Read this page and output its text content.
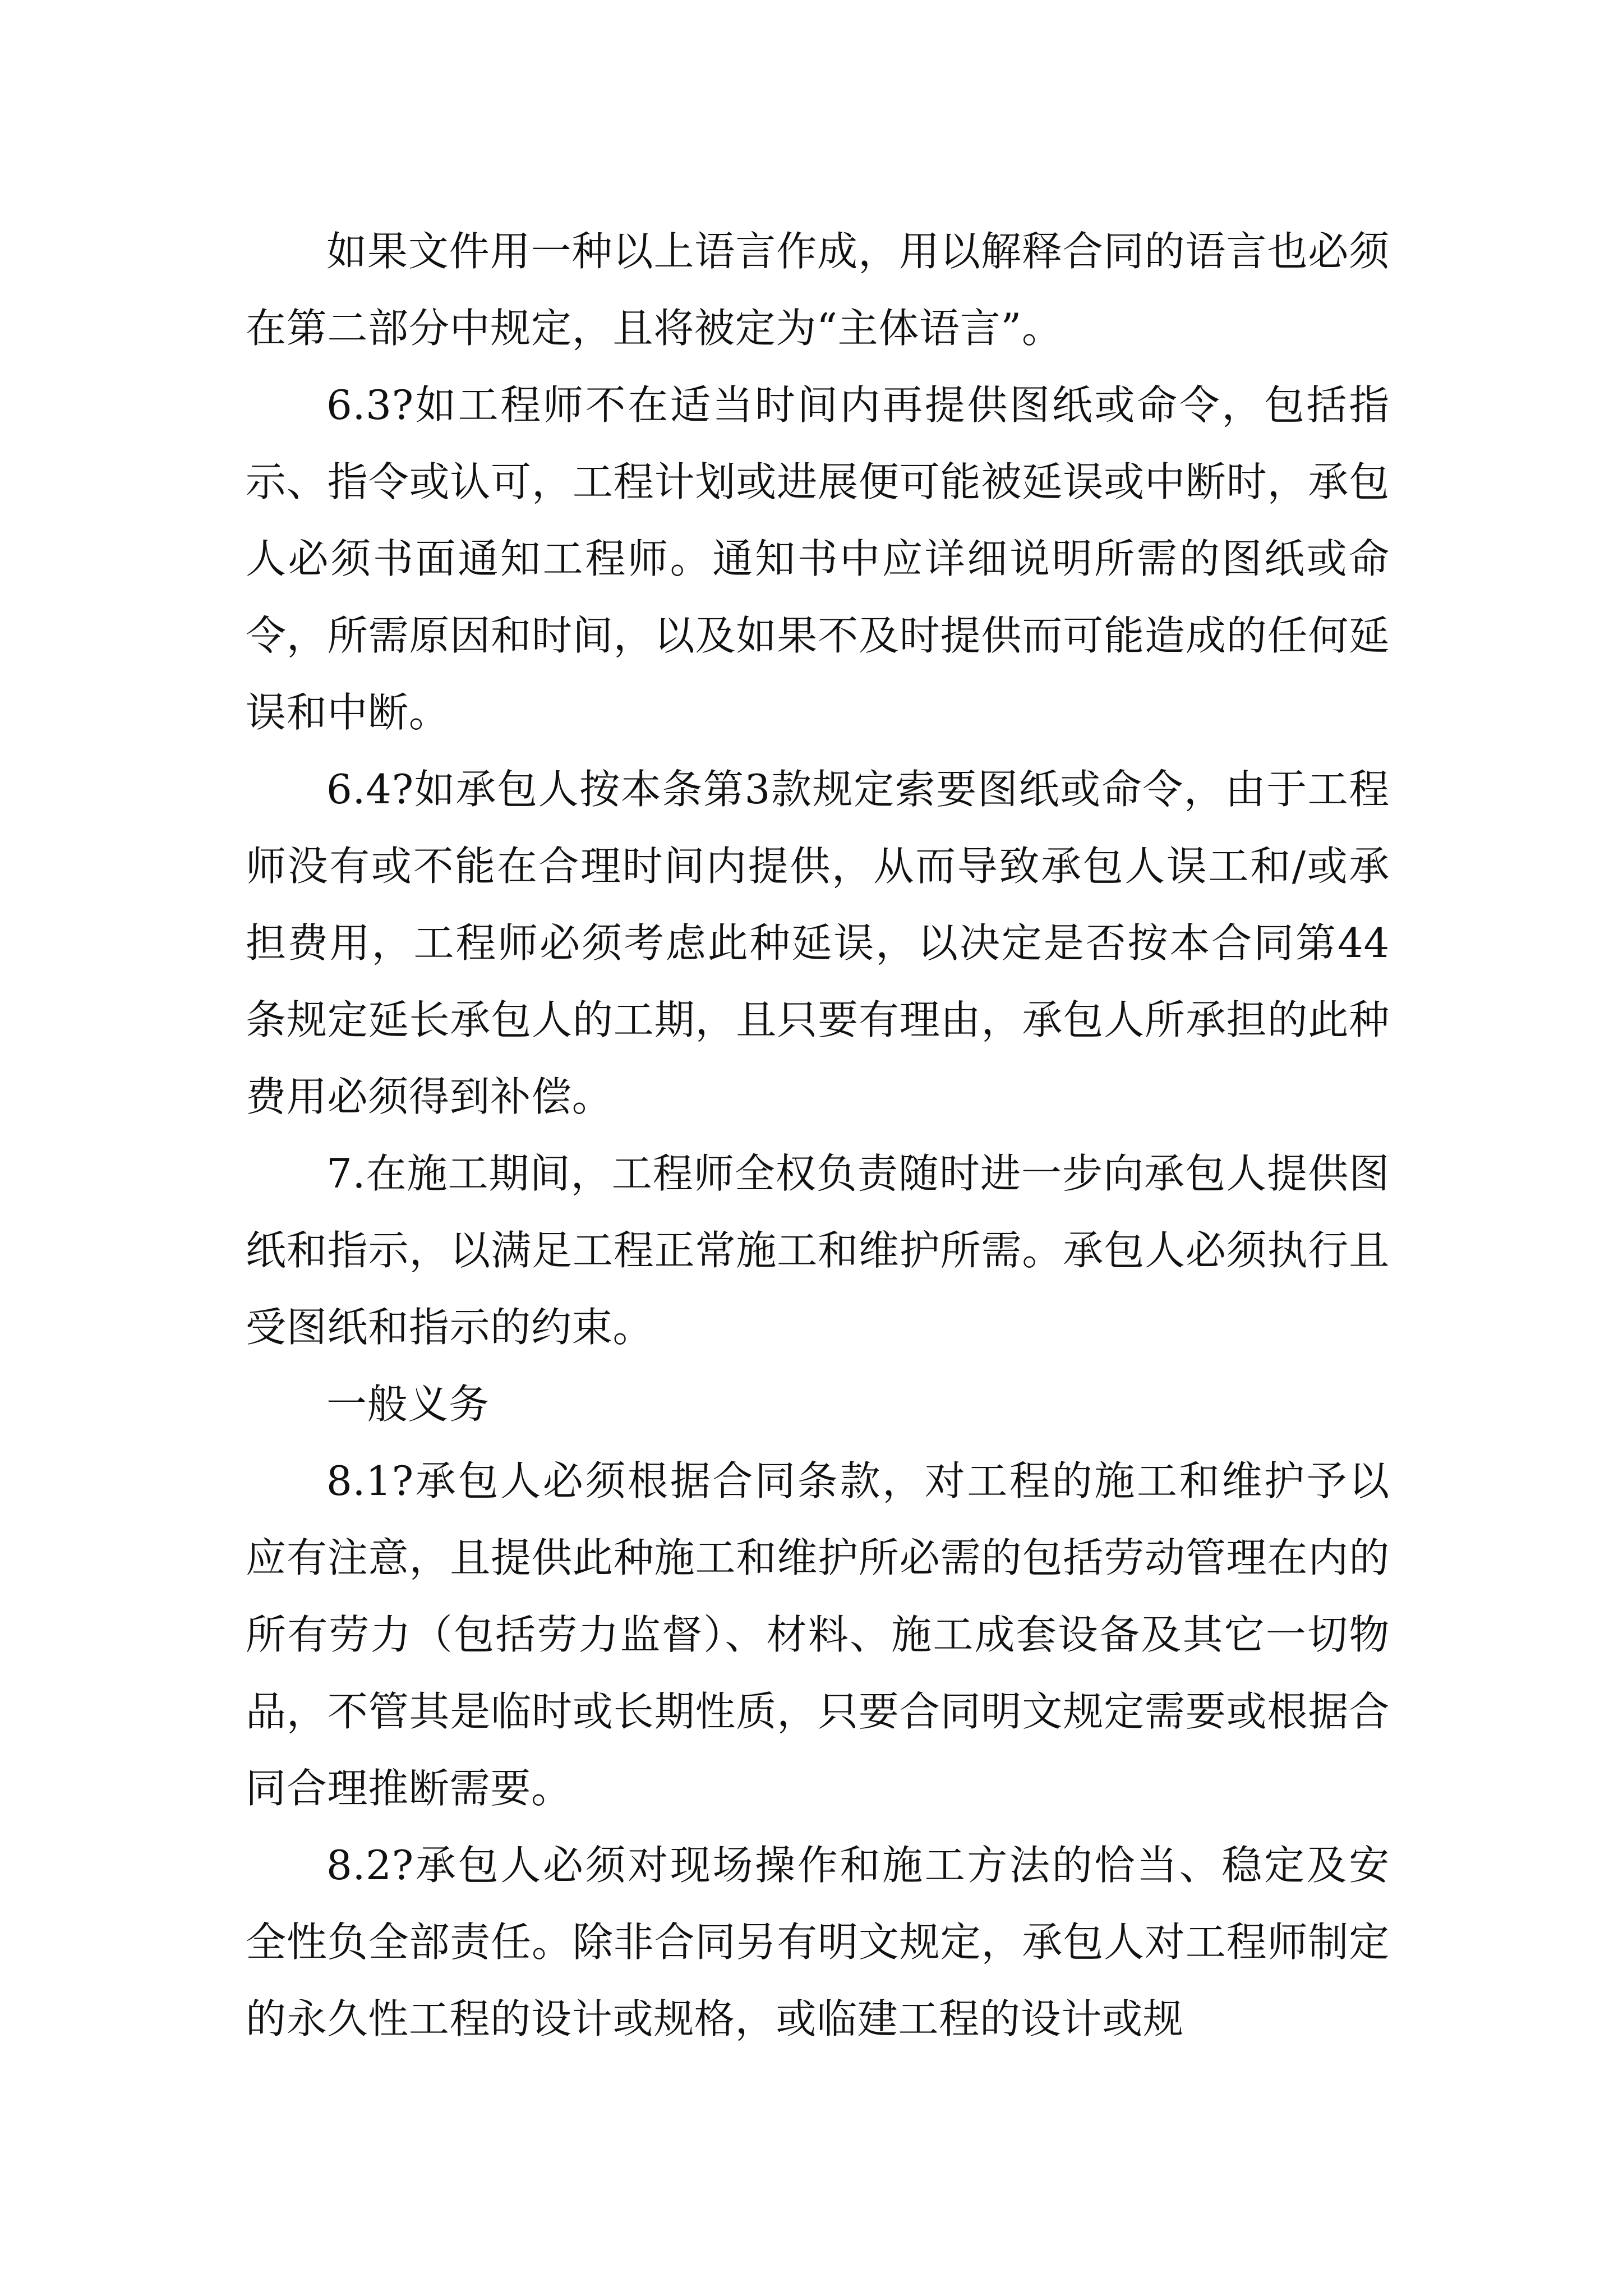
如果文件用一种以上语言作成，用以解释合同的语言也必须在第二部分中规定，且将被定为“主体语言”。

6.3?如工程师不在适当时间内再提供图纸或命令，包括指示、指令或认可，工程计划或进展便可能被延误或中断时，承包人必须书面通知工程师。通知书中应详细说明所需的图纸或命令，所需原因和时间，以及如果不及时提供而可能造成的任何延误和中断。

6.4?如承包人按本条第3款规定索要图纸或命令，由于工程师没有或不能在合理时间内提供，从而导致承包人误工和/或承担费用，工程师必须考虑此种延误，以决定是否按本合同第44条规定延长承包人的工期，且只要有理由，承包人所承担的此种费用必须得到补偿。

7.在施工期间，工程师全权负责随时进一步向承包人提供图纸和指示，以满足工程正常施工和维护所需。承包人必须执行且受图纸和指示的约束。

一般义务

8.1?承包人必须根据合同条款，对工程的施工和维护予以应有注意，且提供此种施工和维护所必需的包括劳动管理在内的所有劳力（包括劳力监督）、材料、施工成套设备及其它一切物品，不管其是临时或长期性质，只要合同明文规定需要或根据合同合理推断需要。

8.2?承包人必须对现场操作和施工方法的恰当、稳定及安全性负全部责任。除非合同另有明文规定，承包人对工程师制定的永久性工程的设计或规格，或临建工程的设计或规
